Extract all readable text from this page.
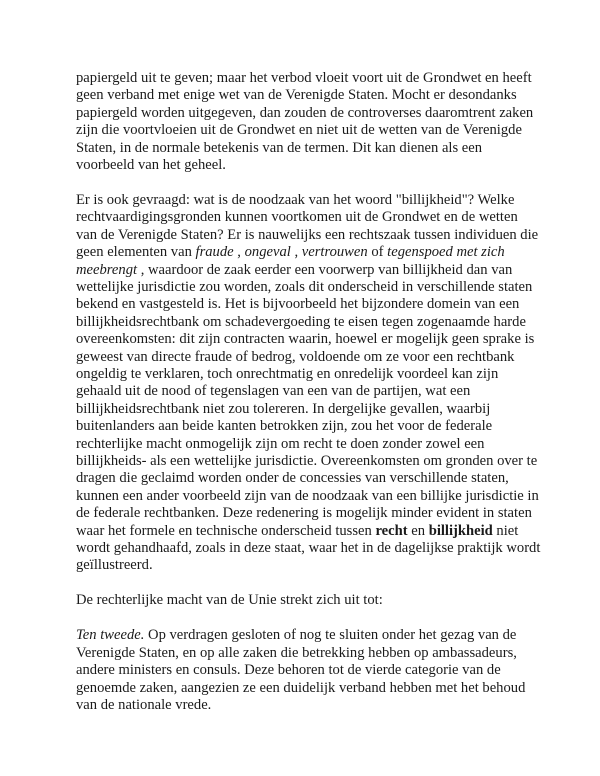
papiergeld uit te geven; maar het verbod vloeit voort uit de Grondwet en heeft geen verband met enige wet van de Verenigde Staten. Mocht er desondanks papiergeld worden uitgegeven, dan zouden de controverses daaromtrent zaken zijn die voortvloeien uit de Grondwet en niet uit de wetten van de Verenigde Staten, in de normale betekenis van de termen. Dit kan dienen als een voorbeeld van het geheel.

Er is ook gevraagd: wat is de noodzaak van het woord "billijkheid"? Welke rechtvaardigingsgronden kunnen voortkomen uit de Grondwet en de wetten van de Verenigde Staten? Er is nauwelijks een rechtszaak tussen individuen die geen elementen van fraude , ongeval , vertrouwen of tegenspoed met zich meebrengt , waardoor de zaak eerder een voorwerp van billijkheid dan van wettelijke jurisdictie zou worden, zoals dit onderscheid in verschillende staten bekend en vastgesteld is. Het is bijvoorbeeld het bijzondere domein van een billijkheidsrechtbank om schadevergoeding te eisen tegen zogenaamde harde overeenkomsten: dit zijn contracten waarin, hoewel er mogelijk geen sprake is geweest van directe fraude of bedrog, voldoende om ze voor een rechtbank ongeldig te verklaren, toch onrechtmatig en onredelijk voordeel kan zijn gehaald uit de nood of tegenslagen van een van de partijen, wat een billijkheidsrechtbank niet zou tolereren. In dergelijke gevallen, waarbij buitenlanders aan beide kanten betrokken zijn, zou het voor de federale rechterlijke macht onmogelijk zijn om recht te doen zonder zowel een billijkheids- als een wettelijke jurisdictie. Overeenkomsten om gronden over te dragen die geclaimd worden onder de concessies van verschillende staten, kunnen een ander voorbeeld zijn van de noodzaak van een billijke jurisdictie in de federale rechtbanken. Deze redenering is mogelijk minder evident in staten waar het formele en technische onderscheid tussen recht en billijkheid niet wordt gehandhaafd, zoals in deze staat, waar het in de dagelijkse praktijk wordt geïllustreerd.

De rechterlijke macht van de Unie strekt zich uit tot:

Ten tweede. Op verdragen gesloten of nog te sluiten onder het gezag van de Verenigde Staten, en op alle zaken die betrekking hebben op ambassadeurs, andere ministers en consuls. Deze behoren tot de vierde categorie van de genoemde zaken, aangezien ze een duidelijk verband hebben met het behoud van de nationale vrede.
